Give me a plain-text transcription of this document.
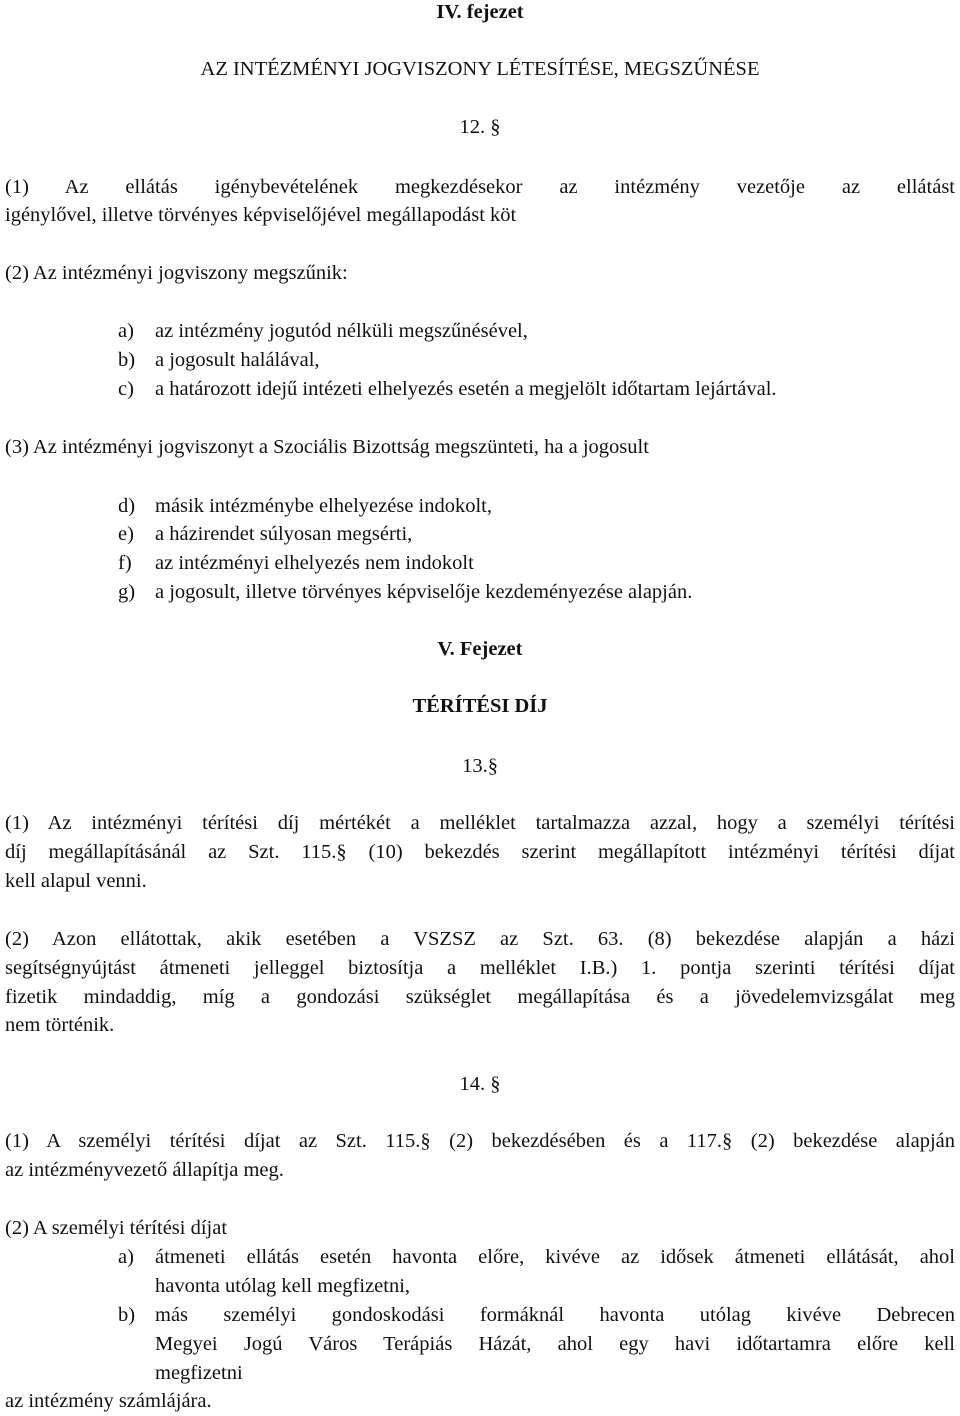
IV. fejezet
AZ INTÉZMÉNYI JOGVISZONY LÉTESÍTÉSE, MEGSZŰNÉSE
12. §
(1) Az ellátás igénybevételének megkezdésekor az intézmény vezetője az ellátást
igénylővel, illetve törvényes képviselőjével megállapodást köt
(2) Az intézményi jogviszony megszűnik:
a) az intézmény jogutód nélküli megszűnésével,
b) a jogosult halálával,
c) a határozott idejű intézeti elhelyezés esetén a megjelölt időtartam lejártával.
(3) Az intézményi jogviszonyt a Szociális Bizottság megszünteti, ha a jogosult
d) másik intézménybe elhelyezése indokolt,
e) a házirendet súlyosan megsérti,
f) az intézményi elhelyezés nem indokolt
g) a jogosult, illetve törvényes képviselője kezdeményezése alapján.
V. Fejezet
TÉRÍTÉSI DÍJ
13.§
(1) Az intézményi térítési díj mértékét a melléklet tartalmazza azzal, hogy a személyi térítési
díj megállapításánál az Szt. 115.§ (10) bekezdés szerint megállapított intézményi térítési díjat
kell alapul venni.
(2) Azon ellátottak, akik esetében a VSZSZ az Szt. 63. (8) bekezdése alapján a házi
segítségnyújtást átmeneti jelleggel biztosítja a melléklet I.B.) 1. pontja szerinti térítési díjat
fizetik mindaddig, míg a gondozási szükséglet megállapítása és a jövedelemvizsgálat meg
nem történik.
14. §
(1) A személyi térítési díjat az Szt. 115.§ (2) bekezdésében és a 117.§ (2) bekezdése alapján
az intézményvezető állapítja meg.
(2) A személyi térítési díjat
a) átmeneti ellátás esetén havonta előre, kivéve az idősek átmeneti ellátását, ahol
havonta utólag kell megfizetni,
b) más személyi gondoskodási formáknál havonta utólag kivéve Debrecen
Megyei Jogú Város Terápiás Házát, ahol egy havi időtartamra előre kell
megfizetni
az intézmény számlájára.
